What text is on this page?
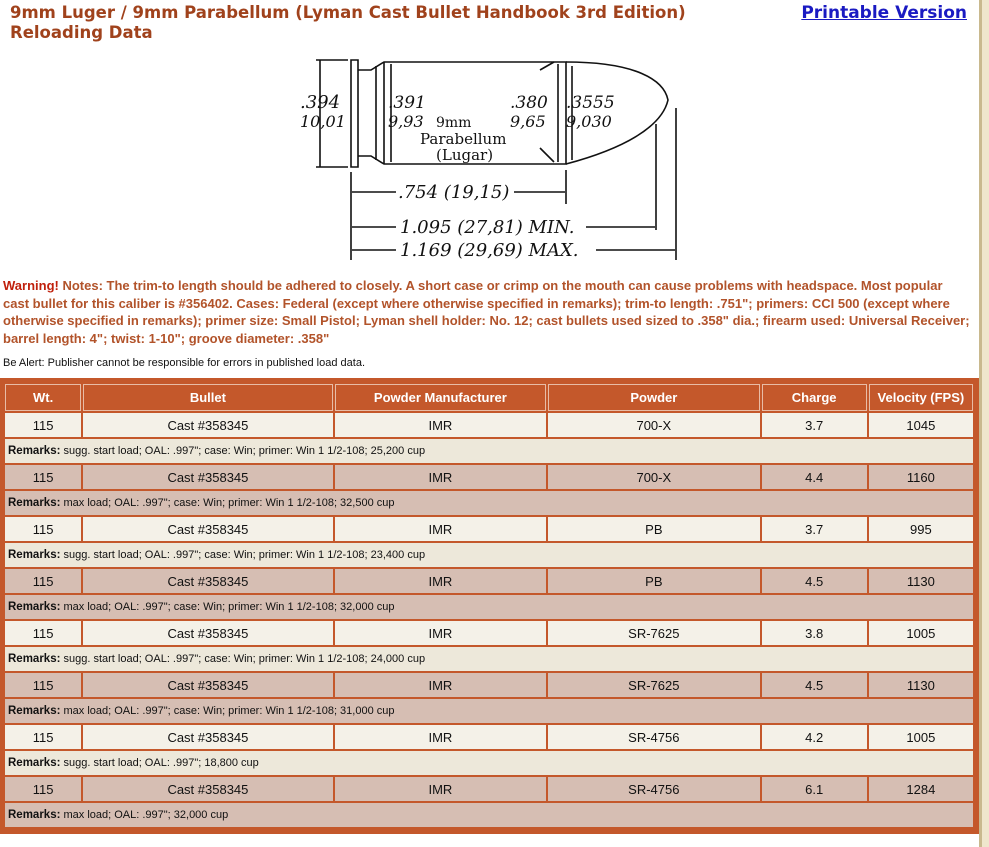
9mm Luger / 9mm Parabellum (Lyman Cast Bullet Handbook 3rd Edition) Reloading Data
Printable Version
.394
10,01
.391
9,93
.380
9,65
.3555
9,030
9mm
Parabellum
(Lugar)
.754 (19,15)
1.095 (27,81) MIN.
1.169 (29,69) MAX.
Warning! Notes: The trim-to length should be adhered to closely. A short case or crimp on the mouth can cause problems with headspace. Most popular cast bullet for this caliber is #356402. Cases: Federal (except where otherwise specified in remarks); trim-to length: .751"; primers: CCI 500 (except where otherwise specified in remarks); primer size: Small Pistol; Lyman shell holder: No. 12; cast bullets used sized to .358" dia.; firearm used: Universal Receiver; barrel length: 4"; twist: 1-10"; groove diameter: .358"
Be Alert: Publisher cannot be responsible for errors in published load data.
Wt.	Bullet	Powder Manufacturer	Powder	Charge	Velocity (FPS)
115	Cast #358345	IMR	700-X	3.7	1045
Remarks: sugg. start load; OAL: .997"; case: Win; primer: Win 1 1/2-108; 25,200 cup					
115	Cast #358345	IMR	700-X	4.4	1160
Remarks: max load; OAL: .997"; case: Win; primer: Win 1 1/2-108; 32,500 cup					
115	Cast #358345	IMR	PB	3.7	995
Remarks: sugg. start load; OAL: .997"; case: Win; primer: Win 1 1/2-108; 23,400 cup					
115	Cast #358345	IMR	PB	4.5	1130
Remarks: max load; OAL: .997"; case: Win; primer: Win 1 1/2-108; 32,000 cup					
115	Cast #358345	IMR	SR-7625	3.8	1005
Remarks: sugg. start load; OAL: .997"; case: Win; primer: Win 1 1/2-108; 24,000 cup					
115	Cast #358345	IMR	SR-7625	4.5	1130
Remarks: max load; OAL: .997"; case: Win; primer: Win 1 1/2-108; 31,000 cup					
115	Cast #358345	IMR	SR-4756	4.2	1005
Remarks: sugg. start load; OAL: .997"; 18,800 cup					
115	Cast #358345	IMR	SR-4756	6.1	1284
Remarks: max load; OAL: .997"; 32,000 cup					
